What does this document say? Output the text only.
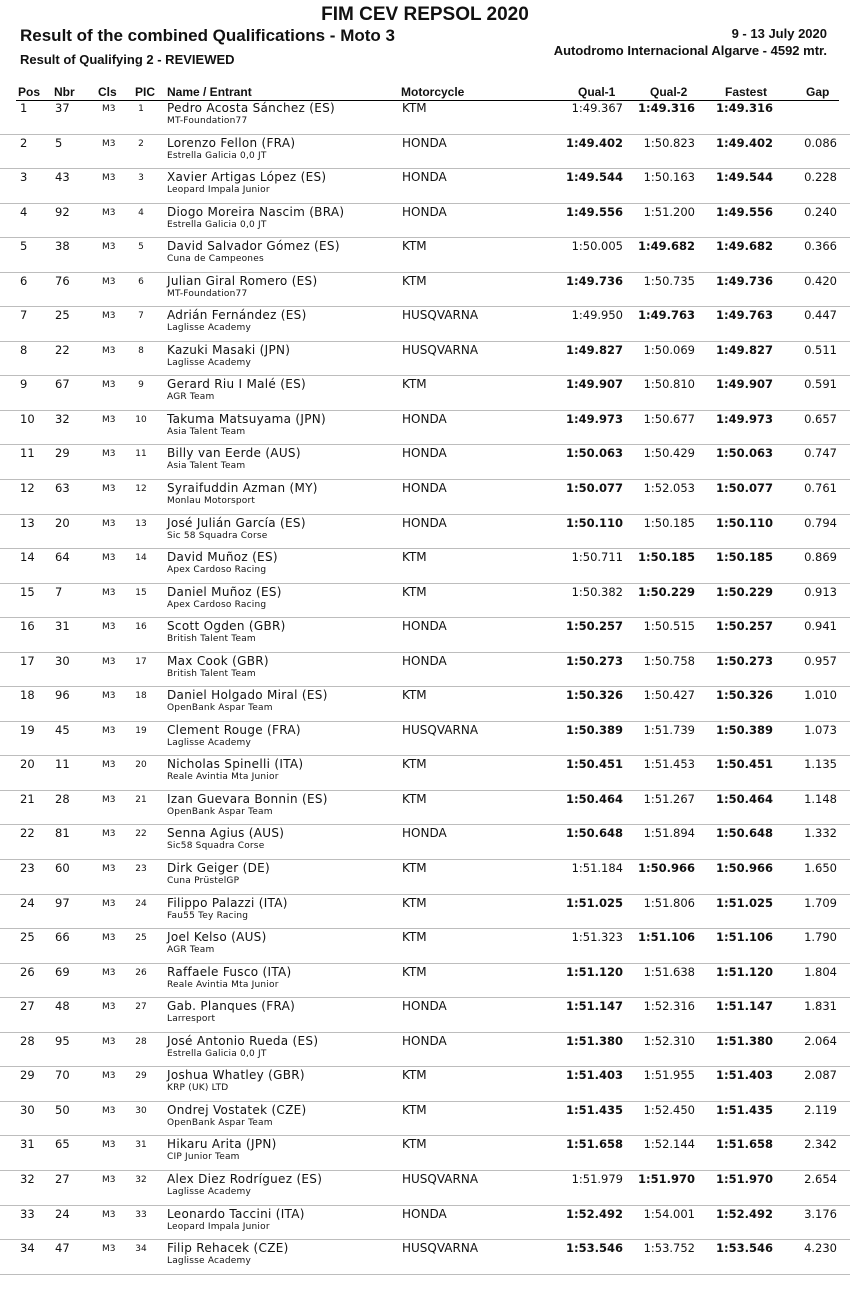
FIM CEV REPSOL 2020
Result of the combined Qualifications - Moto 3
Result of Qualifying 2 - REVIEWED
9 - 13 July 2020
Autodromo Internacional Algarve - 4592 mtr.
Pos Nbr Cls PIC Name / Entrant	Motorcycle	Qual-1	Qual-2	Fastest	Gap
1 37	M3	1	Pedro Acosta Sánchez (ES)
MT-Foundation77
KTM	1:49.367	1:49.316	1:49.316
2 5	M3	2	Lorenzo Fellon (FRA)
Estrella Galicia 0,0 JT
HONDA	1:49.402	1:50.823	1:49.402	0.086
3 43	M3	3	Xavier Artigas López (ES)
Leopard Impala Junior
HONDA	1:49.544	1:50.163	1:49.544	0.228
4 92	M3	4	Diogo Moreira Nascim (BRA)
Estrella Galicia 0,0 JT
HONDA	1:49.556	1:51.200	1:49.556	0.240
5 38	M3	5	David Salvador Gómez (ES)
Cuna de Campeones
KTM	1:50.005	1:49.682	1:49.682	0.366
6 76	M3	6	Julian Giral Romero (ES)
MT-Foundation77
KTM	1:49.736	1:50.735	1:49.736	0.420
7 25	M3	7	Adrián Fernández (ES)
Laglisse Academy
HUSQVARNA	1:49.950	1:49.763	1:49.763	0.447
8 22	M3	8	Kazuki Masaki (JPN)
Laglisse Academy
HUSQVARNA	1:49.827	1:50.069	1:49.827	0.511
9 67	M3	9	Gerard Riu I Malé (ES)
AGR Team
KTM	1:49.907	1:50.810	1:49.907	0.591
10 32	M3	10	Takuma Matsuyama (JPN)
Asia Talent Team
HONDA	1:49.973	1:50.677	1:49.973	0.657
11 29	M3	11	Billy van Eerde (AUS)
Asia Talent Team
HONDA	1:50.063	1:50.429	1:50.063	0.747
12 63	M3	12	Syraifuddin Azman (MY)
Monlau Motorsport
HONDA	1:50.077	1:52.053	1:50.077	0.761
13 20	M3	13	José Julián García (ES)
Sic 58 Squadra Corse
HONDA	1:50.110	1:50.185	1:50.110	0.794
14 64	M3	14	David Muñoz (ES)
Apex Cardoso Racing
KTM	1:50.711	1:50.185	1:50.185	0.869
15 7	M3	15	Daniel Muñoz (ES)
Apex Cardoso Racing
KTM	1:50.382	1:50.229	1:50.229	0.913
16 31	M3	16	Scott Ogden (GBR)
British Talent Team
HONDA	1:50.257	1:50.515	1:50.257	0.941
17 30	M3	17	Max Cook (GBR)
British Talent Team
HONDA	1:50.273	1:50.758	1:50.273	0.957
18 96	M3	18	Daniel Holgado Miral (ES)
OpenBank Aspar Team
KTM	1:50.326	1:50.427	1:50.326	1.010
19 45	M3	19	Clement Rouge (FRA)
Laglisse Academy
HUSQVARNA	1:50.389	1:51.739	1:50.389	1.073
20 11	M3	20	Nicholas Spinelli (ITA)
Reale Avintia Mta Junior
KTM	1:50.451	1:51.453	1:50.451	1.135
21 28	M3	21	Izan Guevara Bonnin (ES)
OpenBank Aspar Team
KTM	1:50.464	1:51.267	1:50.464	1.148
22 81	M3	22	Senna Agius (AUS)
Sic58 Squadra Corse
HONDA	1:50.648	1:51.894	1:50.648	1.332
23 60	M3	23	Dirk Geiger (DE)
Cuna PrüstelGP
KTM	1:51.184	1:50.966	1:50.966	1.650
24 97	M3	24	Filippo Palazzi (ITA)
Fau55 Tey Racing
KTM	1:51.025	1:51.806	1:51.025	1.709
25 66	M3	25	Joel Kelso (AUS)
AGR Team
KTM	1:51.323	1:51.106	1:51.106	1.790
26 69	M3	26	Raffaele Fusco (ITA)
Reale Avintia Mta Junior
KTM	1:51.120	1:51.638	1:51.120	1.804
27 48	M3	27	Gab. Planques (FRA)
Larresport
HONDA	1:51.147	1:52.316	1:51.147	1.831
28 95	M3	28	José Antonio Rueda (ES)
Estrella Galicia 0,0 JT
HONDA	1:51.380	1:52.310	1:51.380	2.064
29 70	M3	29	Joshua Whatley (GBR)
KRP (UK) LTD
KTM	1:51.403	1:51.955	1:51.403	2.087
30 50	M3	30	Ondrej Vostatek (CZE)
OpenBank Aspar Team
KTM	1:51.435	1:52.450	1:51.435	2.119
31 65	M3	31	Hikaru Arita (JPN)
CIP Junior Team
KTM	1:51.658	1:52.144	1:51.658	2.342
32 27	M3	32	Alex Diez Rodríguez (ES)
Laglisse Academy
HUSQVARNA	1:51.979	1:51.970	1:51.970	2.654
33 24	M3	33	Leonardo Taccini (ITA)
Leopard Impala Junior
HONDA	1:52.492	1:54.001	1:52.492	3.176
34 47	M3	34	Filip Rehacek (CZE)
Laglisse Academy
HUSQVARNA	1:53.546	1:53.752	1:53.546	4.230
